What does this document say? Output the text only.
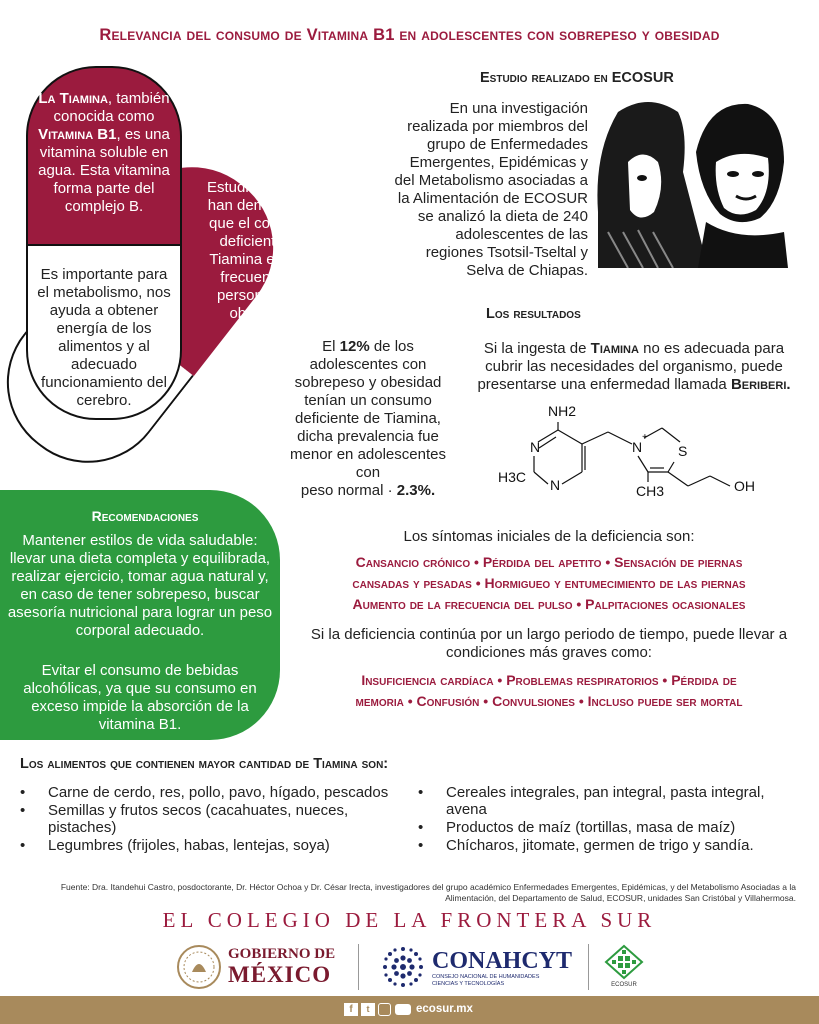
Relevancia del consumo de Vitamina B1 en adolescentes con sobrepeso y obesidad
Estudios previos han demostrado que el consumo deficiente de Tiamina es más frecuente en personas con obesidad.
La Tiamina, también conocida como Vitamina B1, es una vitamina soluble en agua. Esta vitamina forma parte del complejo B.
Es importante para el metabolismo, nos ayuda a obtener energía de los alimentos y al adecuado funcionamiento del cerebro.
Estudio realizado en ECOSUR
En una investigación realizada por miembros del grupo de Enfermedades Emergentes, Epidémicas y del Metabolismo asociadas a la Alimentación de ECOSUR se analizó la dieta de 240 adolescentes de las regiones Tsotsil-Tseltal y Selva de Chiapas.
Los resultados
El 12% de los adolescentes con sobrepeso y obesidad tenían un consumo deficiente de Tiamina, dicha prevalencia fue menor en adolescentes con
peso normal · 2.3%.
Si la ingesta de Tiamina no es adecuada para cubrir las necesidades del organismo, puede presentarse una enfermedad llamada Beriberi.
NH2
N
N
H3C
N
+
S
CH3	OH
Recomendaciones
Mantener estilos de vida saludable: llevar una dieta completa y equilibrada, realizar ejercicio, tomar agua natural y, en caso de tener sobrepeso, buscar asesoría nutricional para lograr un peso corporal adecuado.
Evitar el consumo de bebidas alcohólicas, ya que su consumo en exceso impide la absorción de la vitamina B1.
Los síntomas iniciales de la deficiencia son:
Cansancio crónico • Pérdida del apetito • Sensación de piernas
cansadas y pesadas • Hormigueo y entumecimiento de las piernas
Aumento de la frecuencia del pulso • Palpitaciones ocasionales
Si la deficiencia continúa por un largo periodo de tiempo, puede llevar a condiciones más graves como:
Insuficiencia cardíaca • Problemas respiratorios • Pérdida de
memoria • Confusión • Convulsiones • Incluso puede ser mortal
Los alimentos que contienen mayor cantidad de Tiamina son:
• Carne de cerdo, res, pollo, pavo, hígado, pescados
• Semillas y frutos secos (cacahuates, nueces, pistaches)
• Legumbres (frijoles, habas, lentejas, soya)
• Cereales integrales, pan integral, pasta integral, avena
• Productos de maíz (tortillas, masa de maíz)
• Chícharos, jitomate, germen de trigo y sandía.
Fuente: Dra. Itandehui Castro, posdoctorante, Dr. Héctor Ochoa y Dr. César Irecta, investigadores del grupo académico Enfermedades Emergentes, Epidémicas, y del Metabolismo Asociadas a la Alimentación, del Departamento de Salud, ECOSUR, unidades San Cristóbal y Villahermosa.
EL COLEGIO DE LA FRONTERA SUR
GOBIERNO DE
MÉXICO
CONAHCYT
CONSEJO NACIONAL DE HUMANIDADES
CIENCIAS Y TECNOLOGÍAS	ECOSUR
f	t	ecosur.mx
